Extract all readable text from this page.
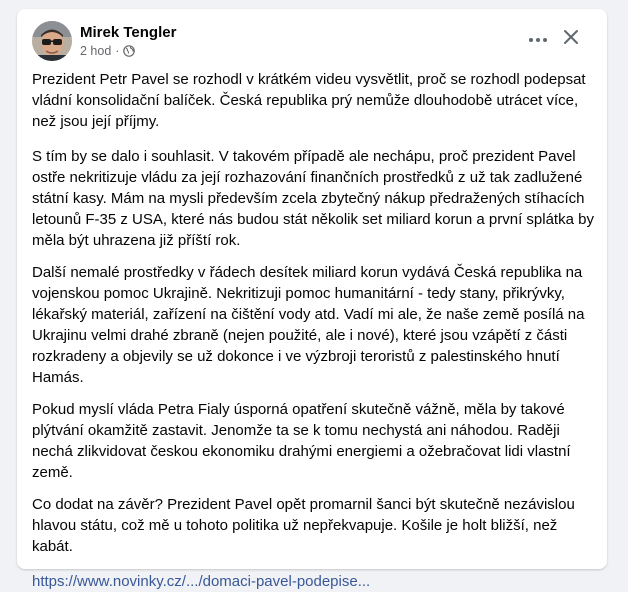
Mirek Tengler
2 hod ·

Prezident Petr Pavel se rozhodl v krátkém videu vysvětlit, proč se rozhodl podepsat vládní konsolidační balíček. Česká republika prý nemůže dlouhodobě utrácet více, než jsou její příjmy.

S tím by se dalo i souhlasit. V takovém případě ale nechápu, proč prezident Pavel ostře nekritizuje vládu za její rozhazování finančních prostředků z už tak zadlužené státní kasy. Mám na mysli především zcela zbytečný nákup předražených stíhacích letounů F-35 z USA, které nás budou stát několik set miliard korun a první splátka by měla být uhrazena již příští rok.

Další nemalé prostředky v řádech desítek miliard korun vydává Česká republika na vojenskou pomoc Ukrajině. Nekritizuji pomoc humanitární - tedy stany, přikrývky, lékařský materiál, zařízení na čištění vody atd. Vadí mi ale, že naše země posílá na Ukrajinu velmi drahé zbraně (nejen použité, ale i nové), které jsou vzápětí z části rozkradeny a objevily se už dokonce i ve výzbroji teroristů z palestinského hnutí Hamás.

Pokud myslí vláda Petra Fialy úsporná opatření skutečně vážně, měla by takové plýtvání okamžitě zastavit. Jenomže ta se k tomu nechystá ani náhodou. Raději nechá zlikvidovat českou ekonomiku drahými energiemi a ožebračovat lidi vlastní země.

Co dodat na závěr? Prezident Pavel opět promarnil šanci být skutečně nezávislou hlavou státu, což mě u tohoto politika už nepřekvapuje. Košile je holt bližší, než kabát.

https://www.novinky.cz/.../domaci-pavel-podepise...
